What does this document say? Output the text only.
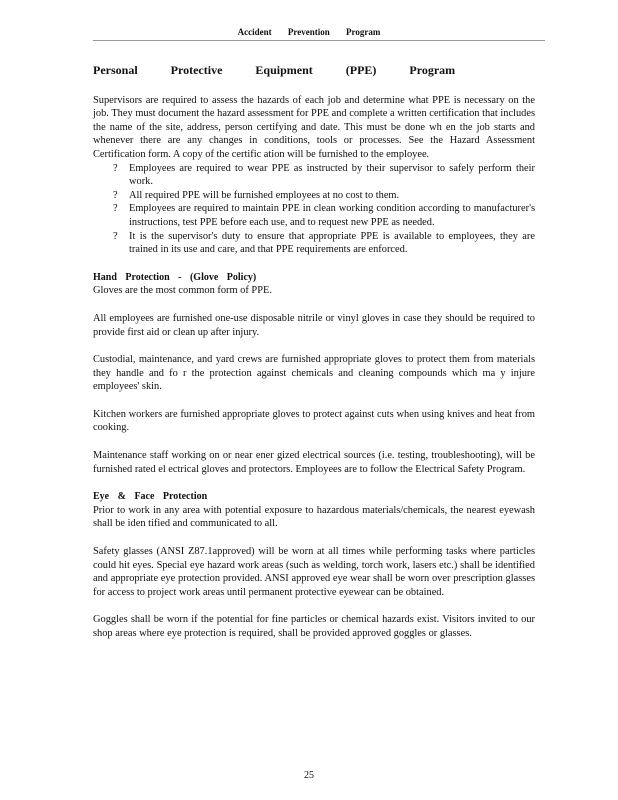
Accident Prevention Program
Personal Protective Equipment (PPE) Program

Supervisors are required to assess the hazards of each job and determine what PPE is necessary on the job. They must document the hazard assessment for PPE and complete a written certification that includes the name of the site, address, person certifying and date. This must be done wh en the job starts and whenever there are any changes in conditions, tools or processes. See the Hazard Assessment Certification form. A copy of the certific ation will be furnished to the employee.

? Employees are required to wear PPE as instructed by their supervisor to safely perform their work.
? All required PPE will be furnished employees at no cost to them.
? Employees are required to maintain PPE in clean working condition according to manufacturer's instructions, test PPE before each use, and to request new PPE as needed.
? It is the supervisor's duty to ensure that appropriate PPE is available to employees, they are trained in its use and care, and that PPE requirements are enforced.
Hand Protection - (Glove Policy)

Gloves are the most common form of PPE.

All employees are furnished one-use disposable nitrile or vinyl gloves in case they should be required to provide first aid or clean up after injury.

Custodial, maintenance, and yard crews are furnished appropriate gloves to protect them from materials they handle and fo r the protection against chemicals and cleaning compounds which ma y injure employees' skin.

Kitchen workers are furnished appropriate gloves to protect against cuts when using knives and heat from cooking.

Maintenance staff working on or near ener gized electrical sources (i.e. testing, troubleshooting), will be furnished rated el ectrical gloves and protectors. Employees are to follow the Electrical Safety Program.

Eye & Face Protection

Prior to work in any area with potential exposure to hazardous materials/chemicals, the nearest eyewash shall be iden tified and communicated to all.

Safety glasses (ANSI Z87.1approved) will be worn at all times while performing tasks where particles could hit eyes. Special eye hazard work areas (such as welding, torch work, lasers etc.) shall be identified and appropriate eye protection provided. ANSI approved eye wear shall be worn over prescription glasses for access to project work areas until permanent protective eyewear can be obtained.

Goggles shall be worn if the potential for fine particles or chemical hazards exist. Visitors invited to our shop areas where eye protection is required, shall be provided approved goggles or glasses.

25
